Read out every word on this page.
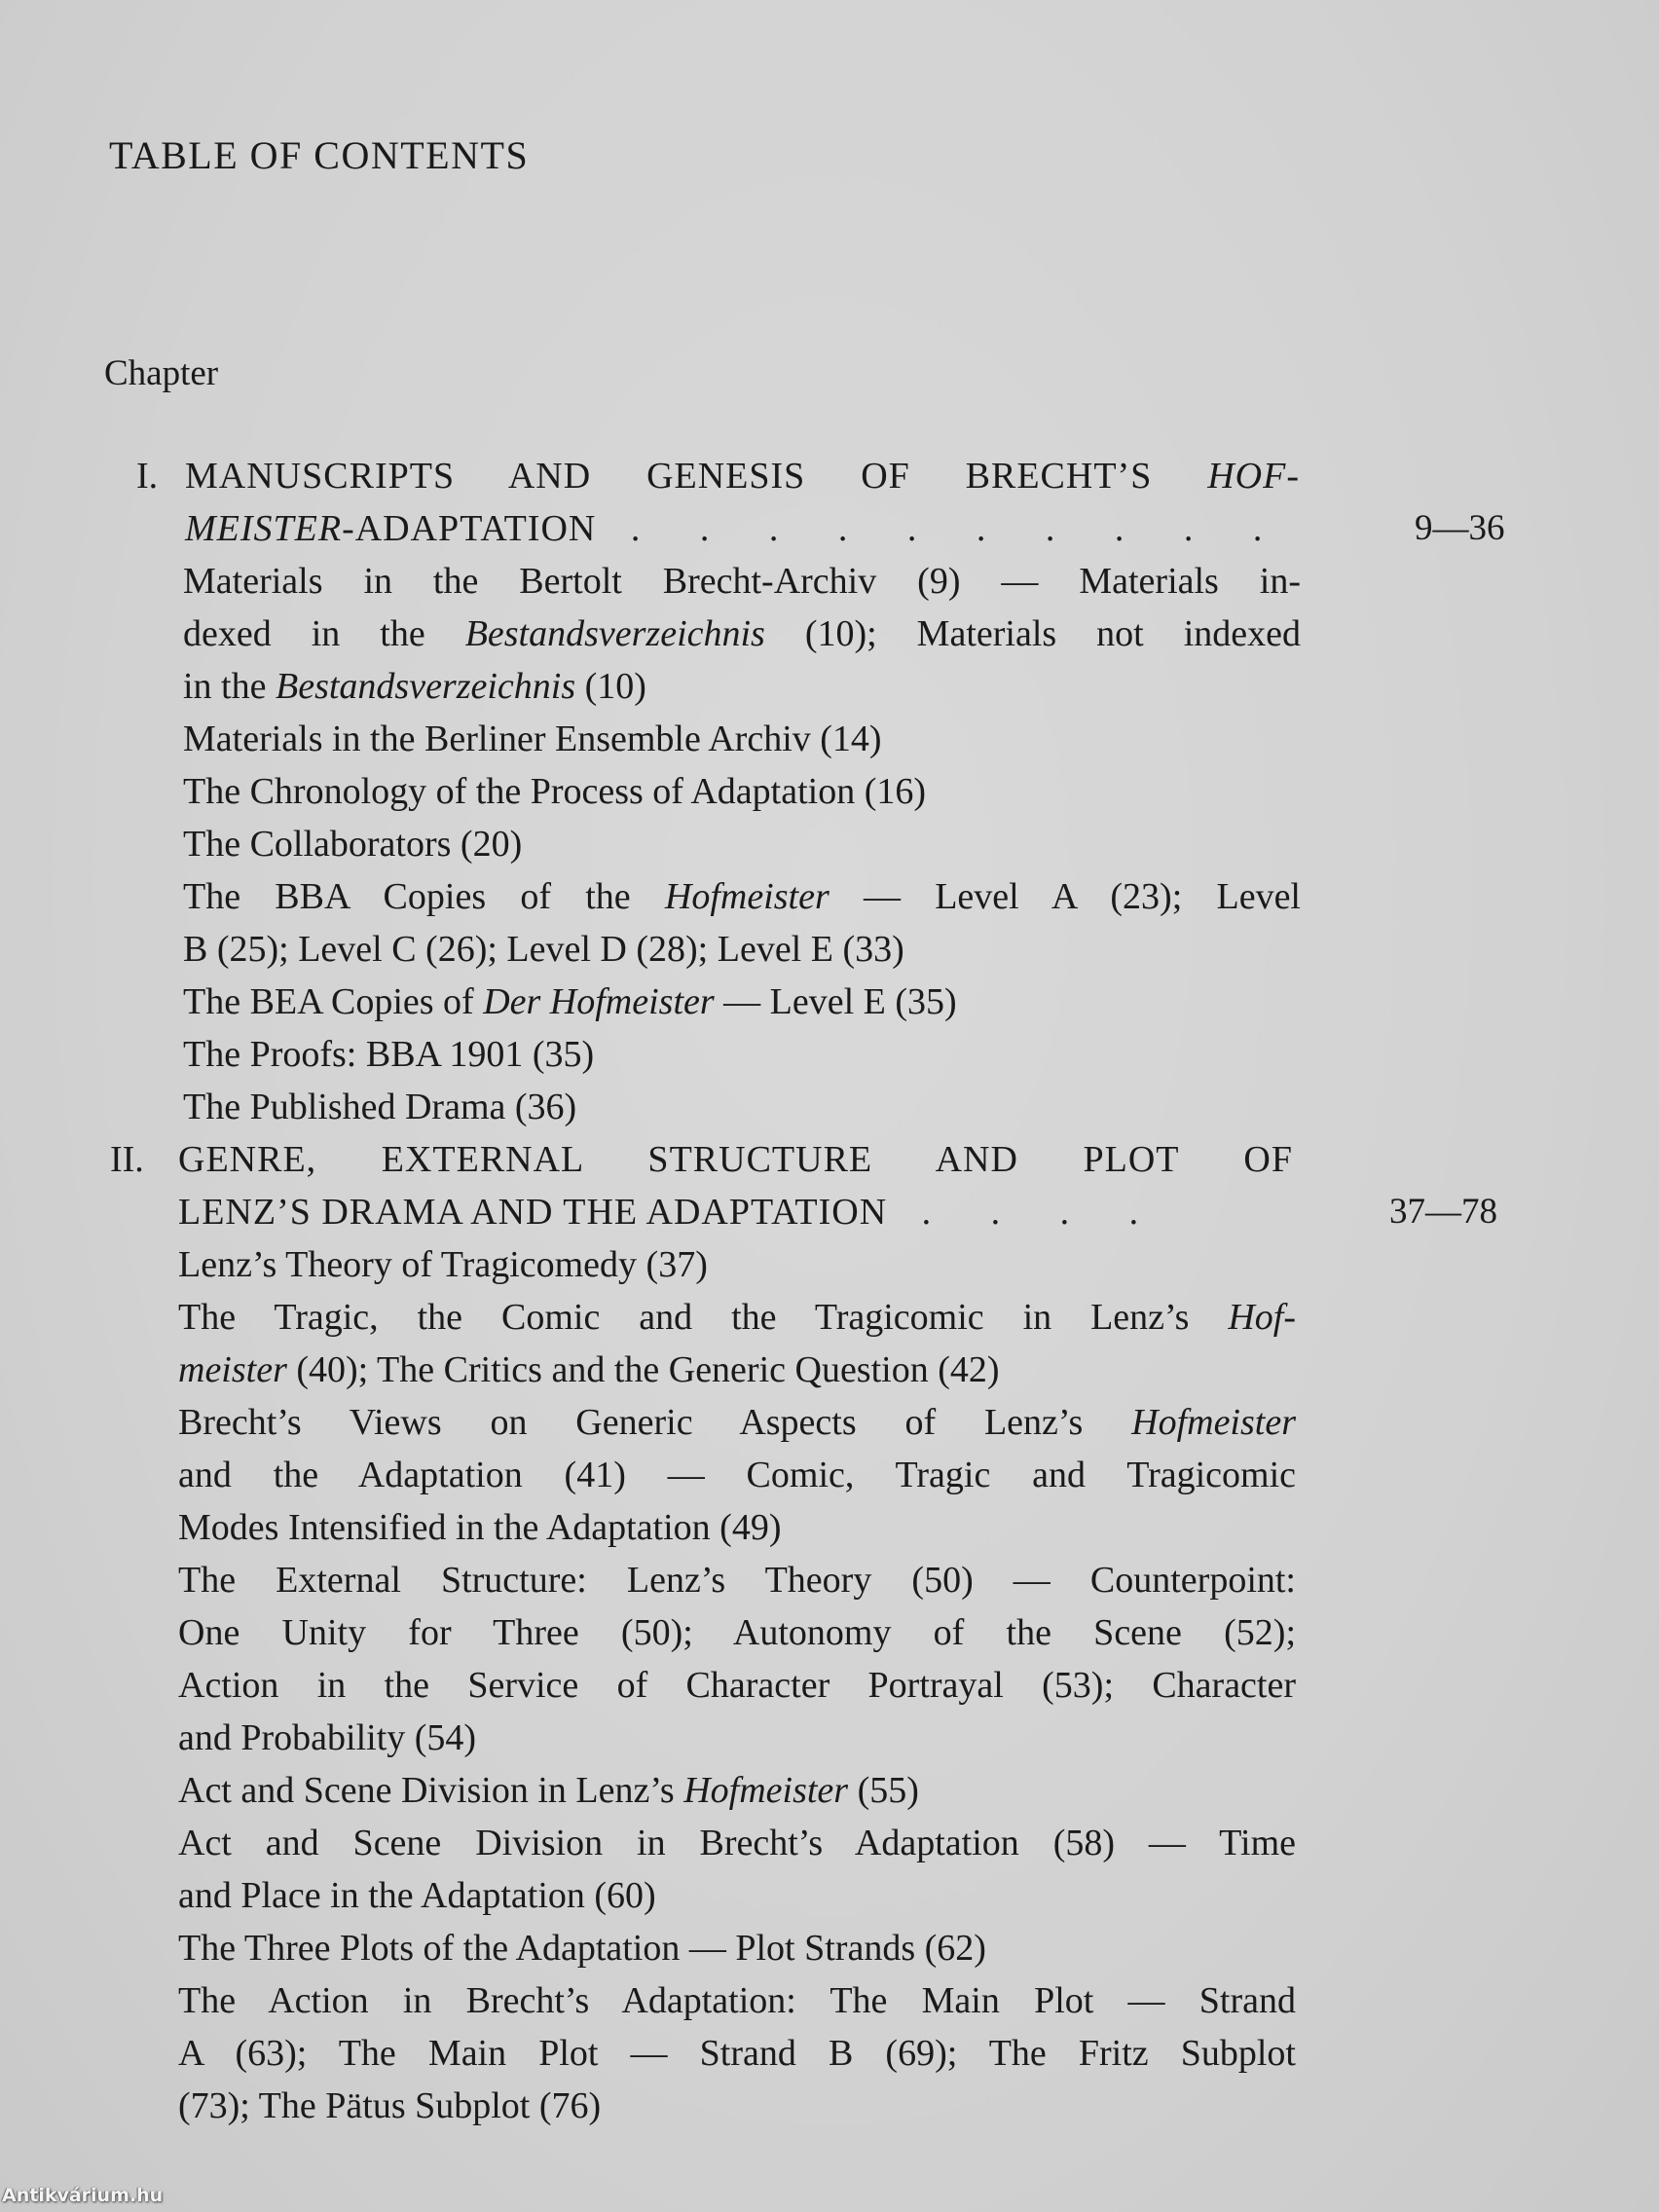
TABLE OF CONTENTS
Chapter
I. MANUSCRIPTS AND GENESIS OF BRECHT’S HOF-
MEISTER-ADAPTATION . . . . . . . . . .	9—36
Materials in the Bertolt Brecht-Archiv (9) — Materials in-
dexed in the Bestandsverzeichnis (10); Materials not indexed
in the Bestandsverzeichnis (10)
Materials in the Berliner Ensemble Archiv (14)
The Chronology of the Process of Adaptation (16)
The Collaborators (20)
The BBA Copies of the Hofmeister — Level A (23); Level
B (25); Level C (26); Level D (28); Level E (33)
The BEA Copies of Der Hofmeister — Level E (35)
The Proofs: BBA 1901 (35)
The Published Drama (36)
II. GENRE, EXTERNAL STRUCTURE AND PLOT OF
LENZ’S DRAMA AND THE ADAPTATION . . . .	37—78
Lenz’s Theory of Tragicomedy (37)
The Tragic, the Comic and the Tragicomic in Lenz’s Hof-
meister (40); The Critics and the Generic Question (42)
Brecht’s Views on Generic Aspects of Lenz’s Hofmeister
and the Adaptation (41) — Comic, Tragic and Tragicomic
Modes Intensified in the Adaptation (49)
The External Structure: Lenz’s Theory (50) — Counterpoint:
One Unity for Three (50); Autonomy of the Scene (52);
Action in the Service of Character Portrayal (53); Character
and Probability (54)
Act and Scene Division in Lenz’s Hofmeister (55)
Act and Scene Division in Brecht’s Adaptation (58) — Time
and Place in the Adaptation (60)
The Three Plots of the Adaptation — Plot Strands (62)
The Action in Brecht’s Adaptation: The Main Plot — Strand
A (63); The Main Plot — Strand B (69); The Fritz Subplot
(73); The Pätus Subplot (76)
Antikvárium.hu
